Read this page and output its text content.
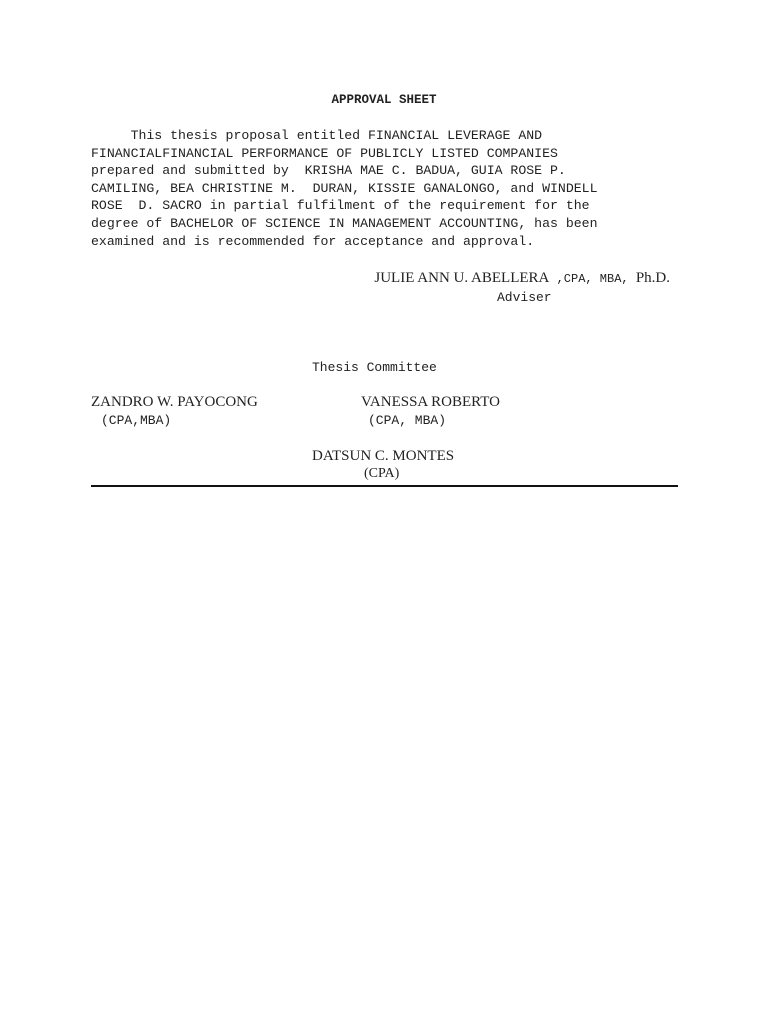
APPROVAL SHEET
This thesis proposal entitled FINANCIAL LEVERAGE AND
FINANCIALFINANCIAL PERFORMANCE OF PUBLICLY LISTED COMPANIES
prepared and submitted by  KRISHA MAE C. BADUA, GUIA ROSE P.
CAMILING, BEA CHRISTINE M.  DURAN, KISSIE GANALONGO, and WINDELL
ROSE  D. SACRO in partial fulfilment of the requirement for the
degree of BACHELOR OF SCIENCE IN MANAGEMENT ACCOUNTING, has been
examined and is recommended for acceptance and approval.
JULIE ANN U. ABELLERA ,CPA, MBA, Ph.D.
Adviser
Thesis Committee
ZANDRO W. PAYOCONG
(CPA,MBA)
VANESSA ROBERTO
(CPA, MBA)
DATSUN C. MONTES
(CPA)
